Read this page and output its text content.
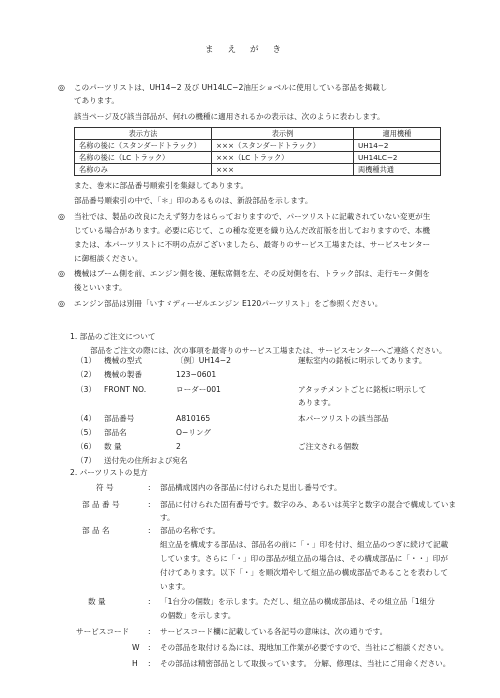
まえがき
◎ このパーツリストは、UH14−2 及び UH14LC−2油圧ショベルに使用している部品を掲載し
てあります。
該当ページ及び該当部品が、何れの機種に適用されるかの表示は、次のように表わします。
表示方法	表示例	適用機種
名称の後に（スタンダードトラック）	×××（スタンダードトラック）	UH14−2
名称の後に（LC トラック）	×××（LC トラック）	UH14LC−2
名称のみ	×××	両機種共通
また、巻末に部品番号順索引を集録してあります。
部品番号順索引の中で、「＊」印のあるものは、新設部品を示します。
◎ 当社では、製品の改良にたえず努力をはらっておりますので、パーツリストに記載されていない変更が生
じている場合があります。必要に応じて、この種な変更を織り込んだ改訂版を出しておりますので、本機
または、本パーツリストに不明の点がございましたら、最寄りのサービス工場または、サービスセンター
に御相談ください。
◎ 機械はブーム側を前、エンジン側を後、運転席側を左、その反対側を右、トラック部は、走行モータ側を
後といいます。
◎ エンジン部品は別冊「いすゞディーゼルエンジン E120パーツリスト」をご参照ください。
1. 部品のご注文について
部品をご注文の際には、次の事項を最寄りのサービス工場または、サービスセンターへご連絡ください。
（1） 機械の型式	〔例〕UH14−2	運転室内の銘板に明示してあります。
（2） 機械の製番	123−0601
（3） FRONT NO.	ローダー001	アタッチメントごとに銘板に明示して
あります。
（4） 部品番号	A810165	本パーツリストの該当部品
（5） 部品名	O−リング
（6） 数 量	2	ご注文される個数
（7） 送付先の住所および宛名
2. パーツリストの見方
符 号	: 部品構成図内の各部品に付けられた見出し番号です。
部 品 番 号	: 部品に付けられた固有番号です。数字のみ、あるいは英字と数字の混合で構成していま
す。
部 品 名	: 部品の名称です。
組立品を構成する部品は、部品名の前に「・」印を付け、組立品のつぎに続けて記載
しています。さらに「・」印の部品が組立品の場合は、その構成部品に「・・」印が
付けてあります。以下「・」を順次増やして組立品の構成部品であることを表わして
います。
数 量	: 「1台分の個数」を示します。ただし、組立品の構成部品は、その組立品「1組分
の個数」を示します。
サービスコード : サービスコード欄に記載している各記号の意味は、次の通りです。
W : その部品を取付ける為には、現地加工作業が必要ですので、当社にご相談ください。
H : その部品は精密部品として取扱っています。 分解、修理は、当社にご用命ください。
